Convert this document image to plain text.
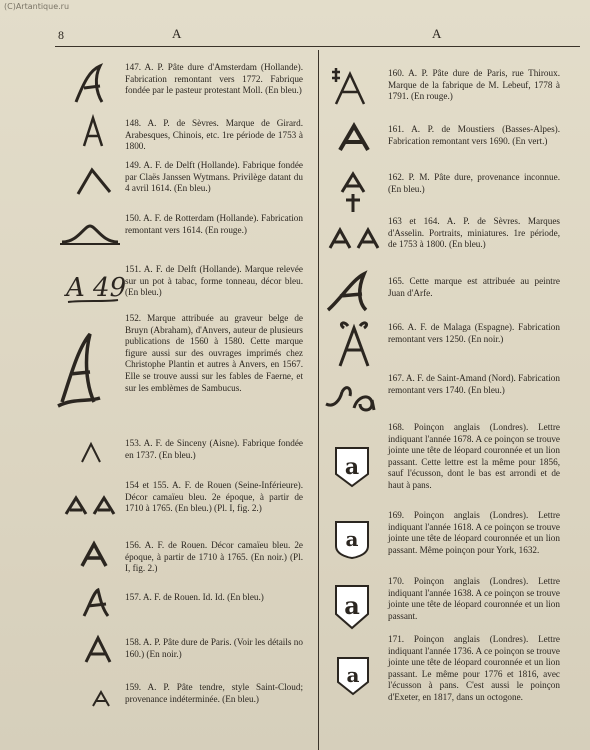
(C)Artantique.ru
8	A	A
147. A. P. Pâte dure d'Amsterdam (Hollande). Fabrication remontant vers 1772. Fabrique fondée par le pasteur protestant Moll. (En bleu.)
148. A. P. de Sèvres. Marque de Girard. Arabesques, Chinois, etc. 1re période de 1753 à 1800.
149. A. F. de Delft (Hollande). Fabrique fondée par Claës Janssen Wytmans. Privilège datant du 4 avril 1614. (En bleu.)
150. A. F. de Rotterdam (Hollande). Fabrication remontant vers 1614. (En rouge.)
151. A. F. de Delft (Hollande). Marque relevée sur un pot à tabac, forme tonneau, décor bleu. (En bleu.)
152. Marque attribuée au graveur belge de Bruyn (Abraham), d'Anvers, auteur de plusieurs publications de 1560 à 1580. Cette marque figure aussi sur des ouvrages imprimés chez Christophe Plantin et autres à Anvers, en 1567. Elle se trouve aussi sur les fables de Faerne, et sur les emblèmes de Sambucus.
153. A. F. de Sinceny (Aisne). Fabrique fondée en 1737. (En bleu.)
154 et 155. A. F. de Rouen (Seine-Inférieure). Décor camaïeu bleu. 2e époque, à partir de 1710 à 1765. (En bleu.) (Pl. I, fig. 2.)
156. A. F. de Rouen. Décor camaïeu bleu. 2e époque, à partir de 1710 à 1765. (En noir.) (Pl. I, fig. 2.)
157. A. F. de Rouen. Id. Id. (En bleu.)
158. A. P. Pâte dure de Paris. (Voir les détails no 160.) (En noir.)
159. A. P. Pâte tendre, style Saint-Cloud; provenance indéterminée. (En bleu.)
160. A. P. Pâte dure de Paris, rue Thiroux. Marque de la fabrique de M. Lebeuf, 1778 à 1791. (En rouge.)
161. A. P. de Moustiers (Basses-Alpes). Fabrication remontant vers 1690. (En vert.)
162. P. M. Pâte dure, provenance inconnue. (En bleu.)
163 et 164. A. P. de Sèvres. Marques d'Asselin. Portraits, miniatures. 1re période, de 1753 à 1800. (En bleu.)
165. Cette marque est attribuée au peintre Juan d'Arfe.
166. A. F. de Malaga (Espagne). Fabrication remontant vers 1250. (En noir.)
167. A. F. de Saint-Amand (Nord). Fabrication remontant vers 1740. (En bleu.)
168. Poinçon anglais (Londres). Lettre indiquant l'année 1678. A ce poinçon se trouve jointe une tête de léopard couronnée et un lion passant. Cette lettre est la même pour 1856, sauf l'écusson, dont le bas est arrondi et de haut à pans.
169. Poinçon anglais (Londres). Lettre indiquant l'année 1618. A ce poinçon se trouve jointe une tête de léopard couronnée et un lion passant. Même poinçon pour York, 1632.
170. Poinçon anglais (Londres). Lettre indiquant l'année 1638. A ce poinçon se trouve jointe une tête de léopard couronnée et un lion passant.
171. Poinçon anglais (Londres). Lettre indiquant l'année 1736. A ce poinçon se trouve jointe une tête de léopard couronnée et un lion passant. Le même pour 1776 et 1816, avec l'écusson à pans. C'est aussi le poinçon d'Exeter, en 1817, dans un octogone.
A 49
a
a
a
a
